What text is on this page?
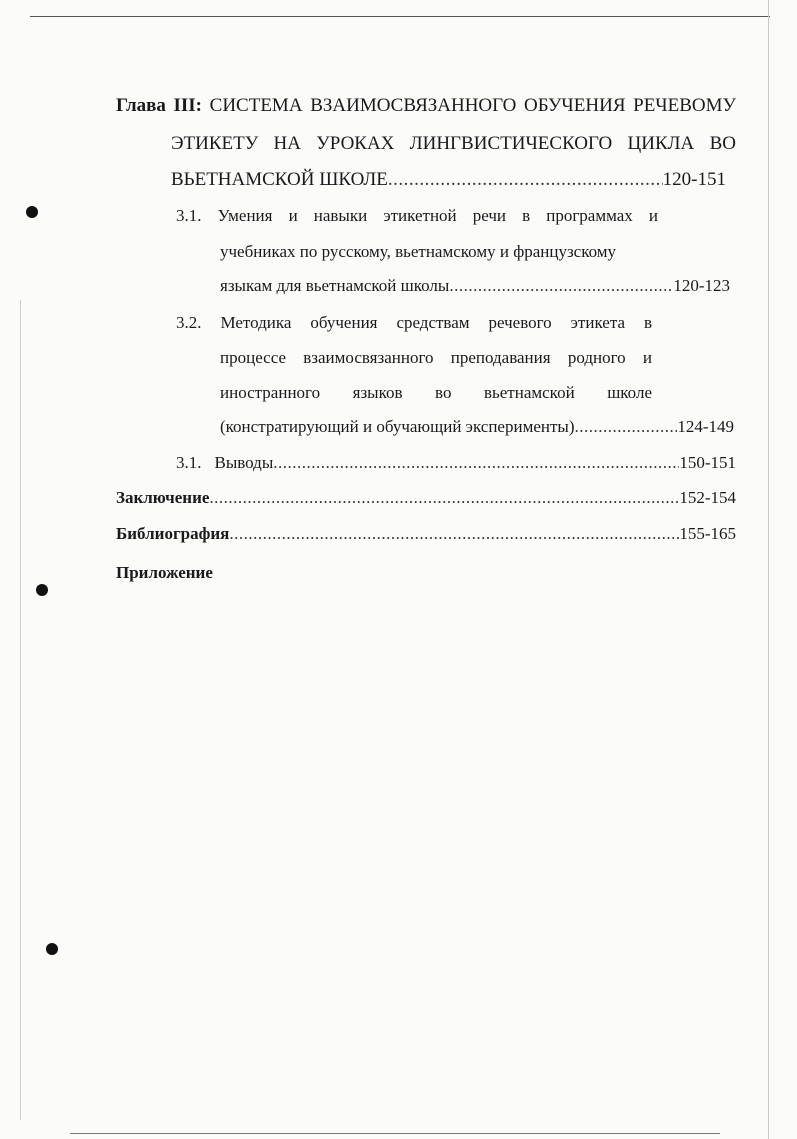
Глава III: СИСТЕМА ВЗАИМОСВЯЗАННОГО ОБУЧЕНИЯ РЕЧЕВОМУ
ЭТИКЕТУ НА УРОКАХ ЛИНГВИСТИЧЕСКОГО ЦИКЛА ВО
ВЬЕТНАМСКОЙ ШКОЛЕ .....	120-151
3.1. Умения и навыки этикетной речи в программах и
учебниках по русскому, вьетнамскому и французскому
языкам для вьетнамской школы .....	120-123
3.2. Методика обучения средствам речевого этикета в
процессе взаимосвязанного преподавания родного и
иностранного языков во вьетнамской школе
(констратирующий и обучающий эксперименты) .....	124-149
3.1. Выводы .....	150-151
Заключение .....	152-154
Библиография .....	155-165
Приложение
